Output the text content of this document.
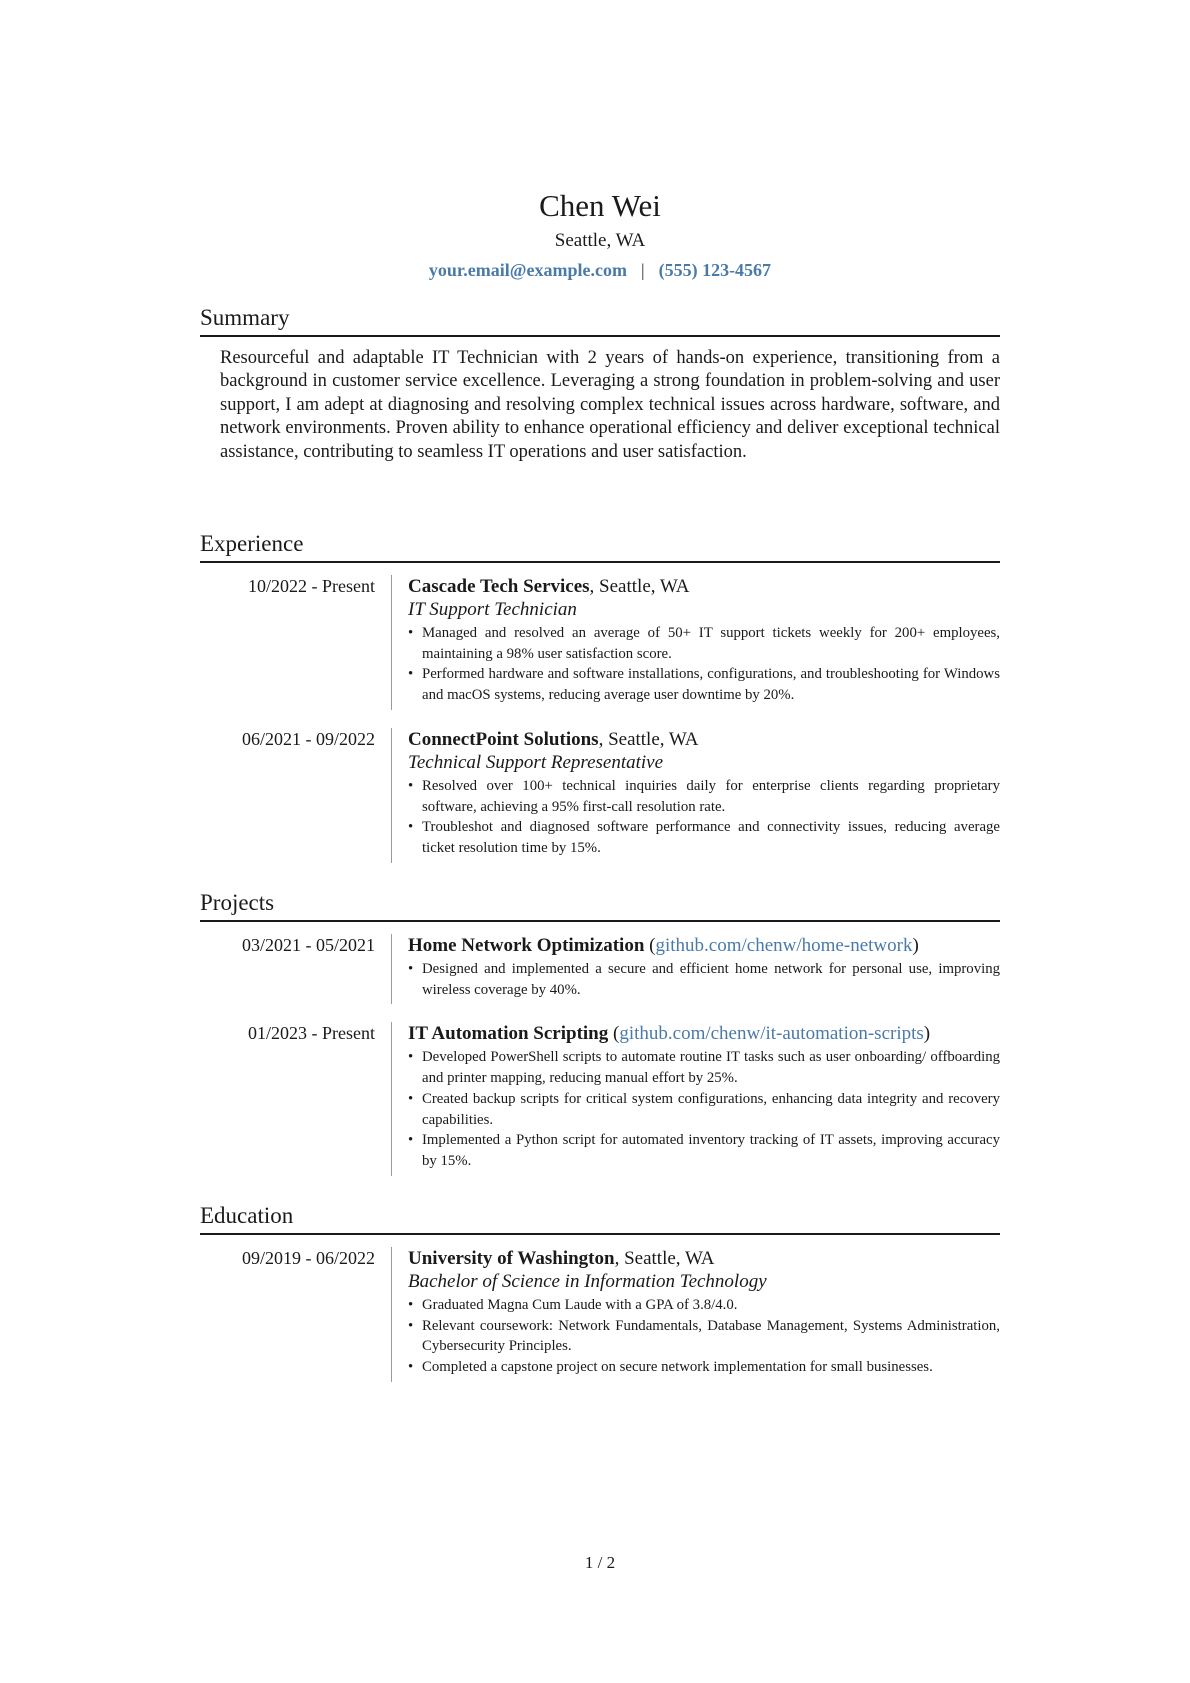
Chen Wei
Seattle, WA
your.email@example.com | (555) 123-4567
Summary

Resourceful and adaptable IT Technician with 2 years of hands-on experience, transitioning from a background in customer service excellence. Leveraging a strong foundation in problem-solving and user support, I am adept at diagnosing and resolving complex technical issues across hardware, software, and network environments. Proven ability to enhance operational efficiency and deliver exceptional technical assistance, contributing to seamless IT operations and user satisfaction.

Experience
10/2022 - Present	Cascade Tech Services, Seattle, WA
IT Support Technician
• Managed and resolved an average of 50+ IT support tickets weekly for 200+ employees, maintaining a 98% user satisfaction score.
• Performed hardware and software installations, configurations, and troubleshooting for Windows and macOS systems, reducing average user downtime by 20%.
06/2021 - 09/2022	ConnectPoint Solutions, Seattle, WA
Technical Support Representative
• Resolved over 100+ technical inquiries daily for enterprise clients regarding proprietary software, achieving a 95% first-call resolution rate.
• Troubleshot and diagnosed software performance and connectivity issues, reducing average ticket resolution time by 15%.
Projects
03/2021 - 05/2021	Home Network Optimization (github.com/chenw/home-network)
• Designed and implemented a secure and efficient home network for personal use, improving wireless coverage by 40%.
01/2023 - Present	IT Automation Scripting (github.com/chenw/it-automation-scripts)
• Developed PowerShell scripts to automate routine IT tasks such as user onboarding/ offboarding and printer mapping, reducing manual effort by 25%.
• Created backup scripts for critical system configurations, enhancing data integrity and recovery capabilities.
• Implemented a Python script for automated inventory tracking of IT assets, improving accuracy by 15%.
Education
09/2019 - 06/2022	University of Washington, Seattle, WA
Bachelor of Science in Information Technology
• Graduated Magna Cum Laude with a GPA of 3.8/4.0.
• Relevant coursework: Network Fundamentals, Database Management, Systems Administration, Cybersecurity Principles.
• Completed a capstone project on secure network implementation for small businesses.
1 / 2
